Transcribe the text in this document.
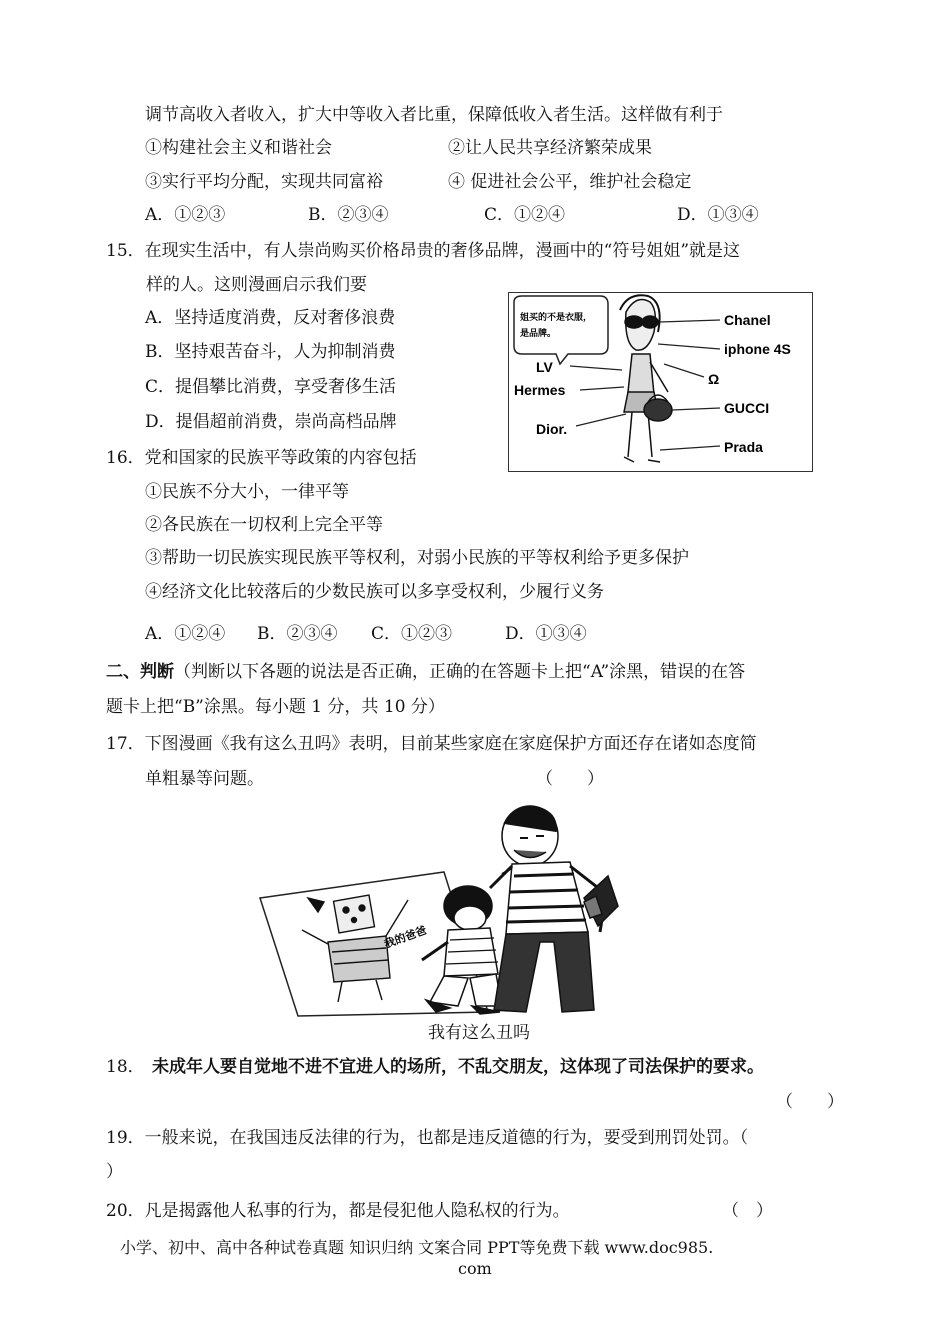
调节高收入者收入，扩大中等收入者比重，保障低收入者生活。这样做有利于
①构建社会主义和谐社会	②让人民共享经济繁荣成果
③实行平均分配，实现共同富裕	④ 促进社会公平，维护社会稳定
A．①②③	B．②③④	C．①②④	D．①③④
15．在现实生活中，有人崇尚购买价格昂贵的奢侈品牌，漫画中的“符号姐姐”就是这
样的人。这则漫画启示我们要
A．坚持适度消费，反对奢侈浪费
B．坚持艰苦奋斗，人为抑制消费
C．提倡攀比消费，享受奢侈生活
D．提倡超前消费，崇尚高档品牌
姐买的不是衣服，
是品牌。
Chanel
iphone 4S
Ω
GUCCI
Prada
LV
Hermes
Dior.
16．党和国家的民族平等政策的内容包括
①民族不分大小，一律平等
②各民族在一切权利上完全平等
③帮助一切民族实现民族平等权利，对弱小民族的平等权利给予更多保护
④经济文化比较落后的少数民族可以多享受权利，少履行义务
A．①②④ B．②③④ C．①②③	D．①③④
二、判断（判断以下各题的说法是否正确，正确的在答题卡上把“A”涂黑，错误的在答
题卡上把“B”涂黑。每小题 1 分，共 10 分）
17．下图漫画《我有这么丑吗》表明，目前某些家庭在家庭保护方面还存在诸如态度简
单粗暴等问题。	（　　）
我的爸爸
我有这么丑吗
18． 未成年人要自觉地不进不宜进人的场所，不乱交朋友，这体现了司法保护的要求。
（　　）
19．一般来说，在我国违反法律的行为，也都是违反道德的行为，要受到刑罚处罚。（
）
20．凡是揭露他人私事的行为，都是侵犯他人隐私权的行为。	（　）
小学、初中、高中各种试卷真题 知识归纳 文案合同 PPT等免费下载 www.doc985.
com
